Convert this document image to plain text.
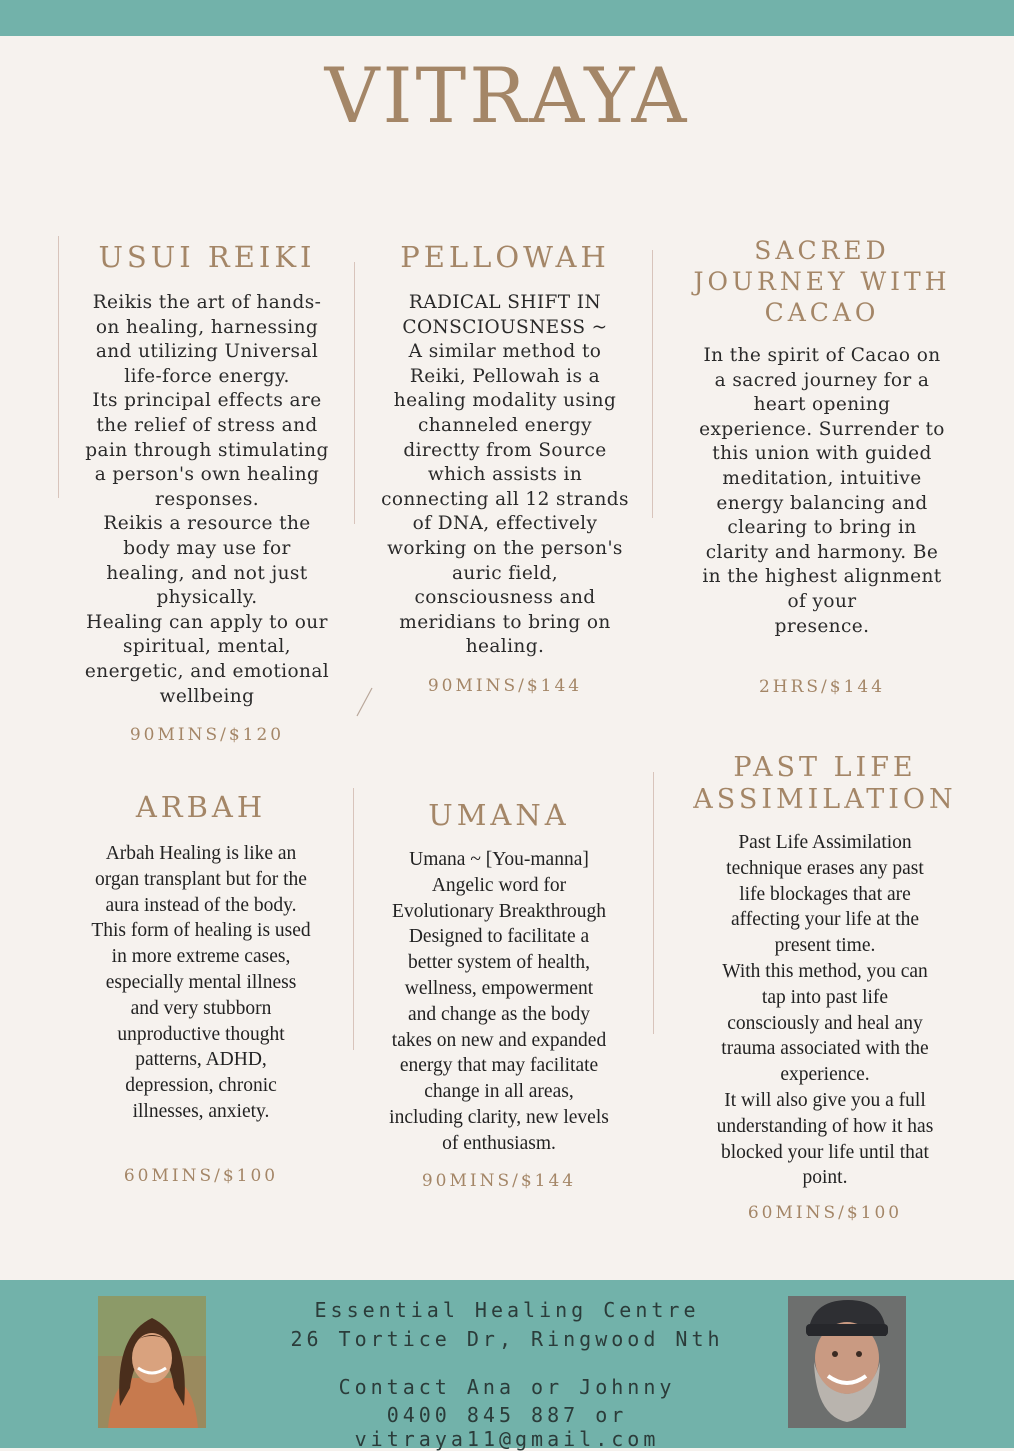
VITRAYA
USUI REIKI
Reikis the art of hands-
on healing, harnessing
and utilizing Universal
life-force energy.
Its principal effects are
the relief of stress and
pain through stimulating
a person's own healing
responses.
Reikis a resource the
body may use for
healing, and not just
physically.
Healing can apply to our
spiritual, mental,
energetic, and emotional
wellbeing
90MINS/$120
PELLOWAH
RADICAL SHIFT IN
CONSCIOUSNESS ~
A similar method to
Reiki, Pellowah is a
healing modality using
channeled energy
directty from Source
which assists in
connecting all 12 strands
of DNA, effectively
working on the person's
auric field,
consciousness and
meridians to bring on
healing.
90MINS/$144
SACRED
JOURNEY WITH
CACAO
In the spirit of Cacao on
a sacred journey for a
heart opening
experience. Surrender to
this union with guided
meditation, intuitive
energy balancing and
clearing to bring in
clarity and harmony. Be
in the highest alignment
of your
presence.
2HRS/$144
ARBAH
Arbah Healing is like an
organ transplant but for the
aura instead of the body.
This form of healing is used
in more extreme cases,
especially mental illness
and very stubborn
unproductive thought
patterns, ADHD,
depression, chronic
illnesses, anxiety.
60MINS/$100
UMANA
Umana ~ [You-manna]
Angelic word for
Evolutionary Breakthrough
Designed to facilitate a
better system of health,
wellness, empowerment
and change as the body
takes on new and expanded
energy that may facilitate
change in all areas,
including clarity, new levels
of enthusiasm.
90MINS/$144
PAST LIFE
ASSIMILATION
Past Life Assimilation
technique erases any past
life blockages that are
affecting your life at the
present time.
With this method, you can
tap into past life
consciously and heal any
trauma associated with the
experience.
It will also give you a full
understanding of how it has
blocked your life until that
point.
60MINS/$100
Essential Healing Centre
26 Tortice Dr, Ringwood Nth
Contact Ana or Johnny
0400 845 887 or vitraya11@gmail.com
